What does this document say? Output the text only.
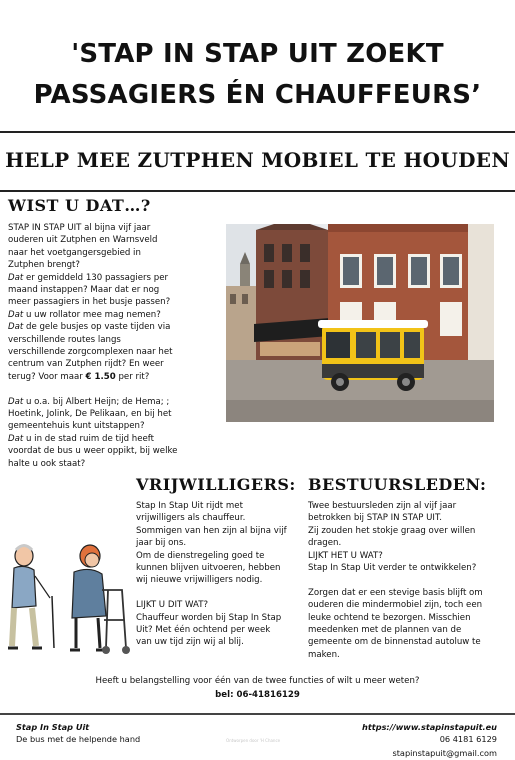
'STAP IN STAP UIT ZOEKT
PASSAGIERS ÉN CHAUFFEURS’
HELP MEE ZUTPHEN MOBIEL TE HOUDEN
WIST U DAT…?

STAP IN STAP UIT al bijna vijf jaar

ouderen uit Zutphen en Warnsveld

naar het voetgangersgebied in

Zutphen brengt?

Dat er gemiddeld 130 passagiers per

maand instappen? Maar dat er nog

meer passagiers in het busje passen?

Dat u uw rollator mee mag nemen?

Dat de gele busjes op vaste tijden via

verschillende routes langs

verschillende zorgcomplexen naar het

centrum van Zutphen rijdt? En weer

terug? Voor maar € 1.50 per rit?

Dat u o.a. bij Albert Heijn; de Hema; ;

Hoetink, Jolink, De Pelikaan, en bij het

gemeentehuis kunt uitstappen?

Dat u in de stad ruim de tijd heeft

voordat de bus u weer oppikt, bij welke

halte u ook staat?

VRIJWILLIGERS:

Stap In Stap Uit rijdt met

vrijwilligers als chauffeur.

Sommigen van hen zijn al bijna vijf

jaar bij ons.

Om de dienstregeling goed te

kunnen blijven uitvoeren, hebben

wij nieuwe vrijwilligers nodig.

LIJKT U DIT WAT?

Chauffeur worden bij Stap In Stap

Uit? Met één ochtend per week

van uw tijd zijn wij al blij.

BESTUURSLEDEN:

Twee bestuursleden zijn al vijf jaar

betrokken bij STAP IN STAP UIT.

Zij zouden het stokje graag over willen

dragen.

LIJKT HET U WAT?

Stap In Stap Uit verder te ontwikkelen?

Zorgen dat er een stevige basis blijft om

ouderen die mindermobiel zijn, toch een

leuke ochtend te bezorgen. Misschien

meedenken met de plannen van de

gemeente om de binnenstad autoluw te

maken.

Heeft u belangstelling voor één van de twee functies of wilt u meer weten?
bel: 06-41816129
Stap In Stap Uit
De bus met de helpende hand	Ontworpen door 'H Chance
https://www.stapinstapuit.eu
06 4181 6129
stapinstapuit@gmail.com
